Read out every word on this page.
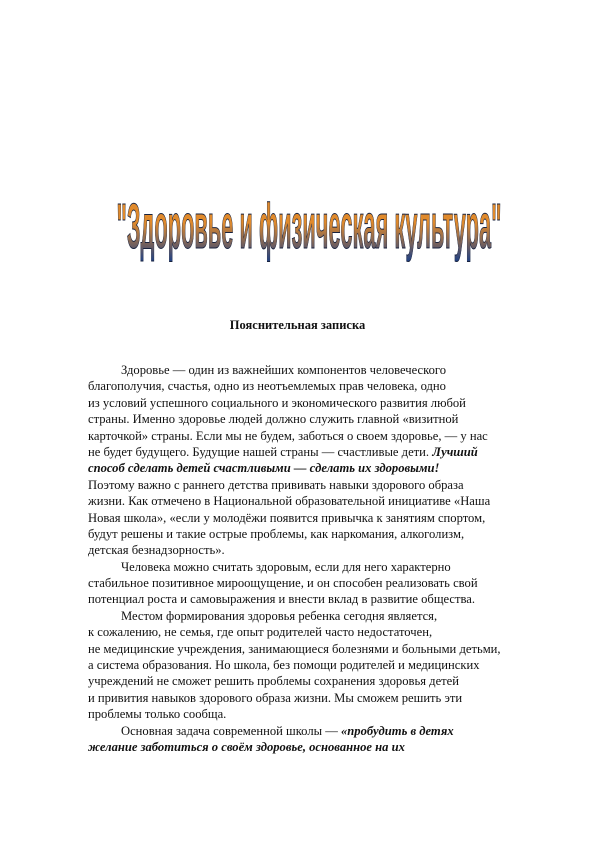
"Здоровье и физическая культура"
Пояснительная записка
Здоровье — один из важнейших компонентов человеческого
благополучия, счастья, одно из неотъемлемых прав человека, одно
из условий успешного социального и экономического развития любой
страны. Именно здоровье людей должно служить главной «визитной
карточкой» страны. Если мы не будем, заботься о своем здоровье, — у нас
не будет будущего. Будущие нашей страны — счастливые дети. Лучший
способ сделать детей счастливыми — сделать их здоровыми!
Поэтому важно с раннего детства прививать навыки здорового образа
жизни. Как отмечено в Национальной образовательной инициативе «Наша
Новая школа», «если у молодёжи появится привычка к занятиям спортом,
будут решены и такие острые проблемы, как наркомания, алкоголизм,
детская безнадзорность».
Человека можно считать здоровым, если для него характерно
стабильное позитивное мироощущение, и он способен реализовать свой
потенциал роста и самовыражения и внести вклад в развитие общества.
Местом формирования здоровья ребенка сегодня является,
к сожалению, не семья, где опыт родителей часто недостаточен,
не медицинские учреждения, занимающиеся болезнями и больными детьми,
а система образования. Но школа, без помощи родителей и медицинских
учреждений не сможет решить проблемы сохранения здоровья детей
и привития навыков здорового образа жизни. Мы сможем решить эти
проблемы только сообща.
Основная задача современной школы — «пробудить в детях
желание заботиться о своём здоровье, основанное на их
